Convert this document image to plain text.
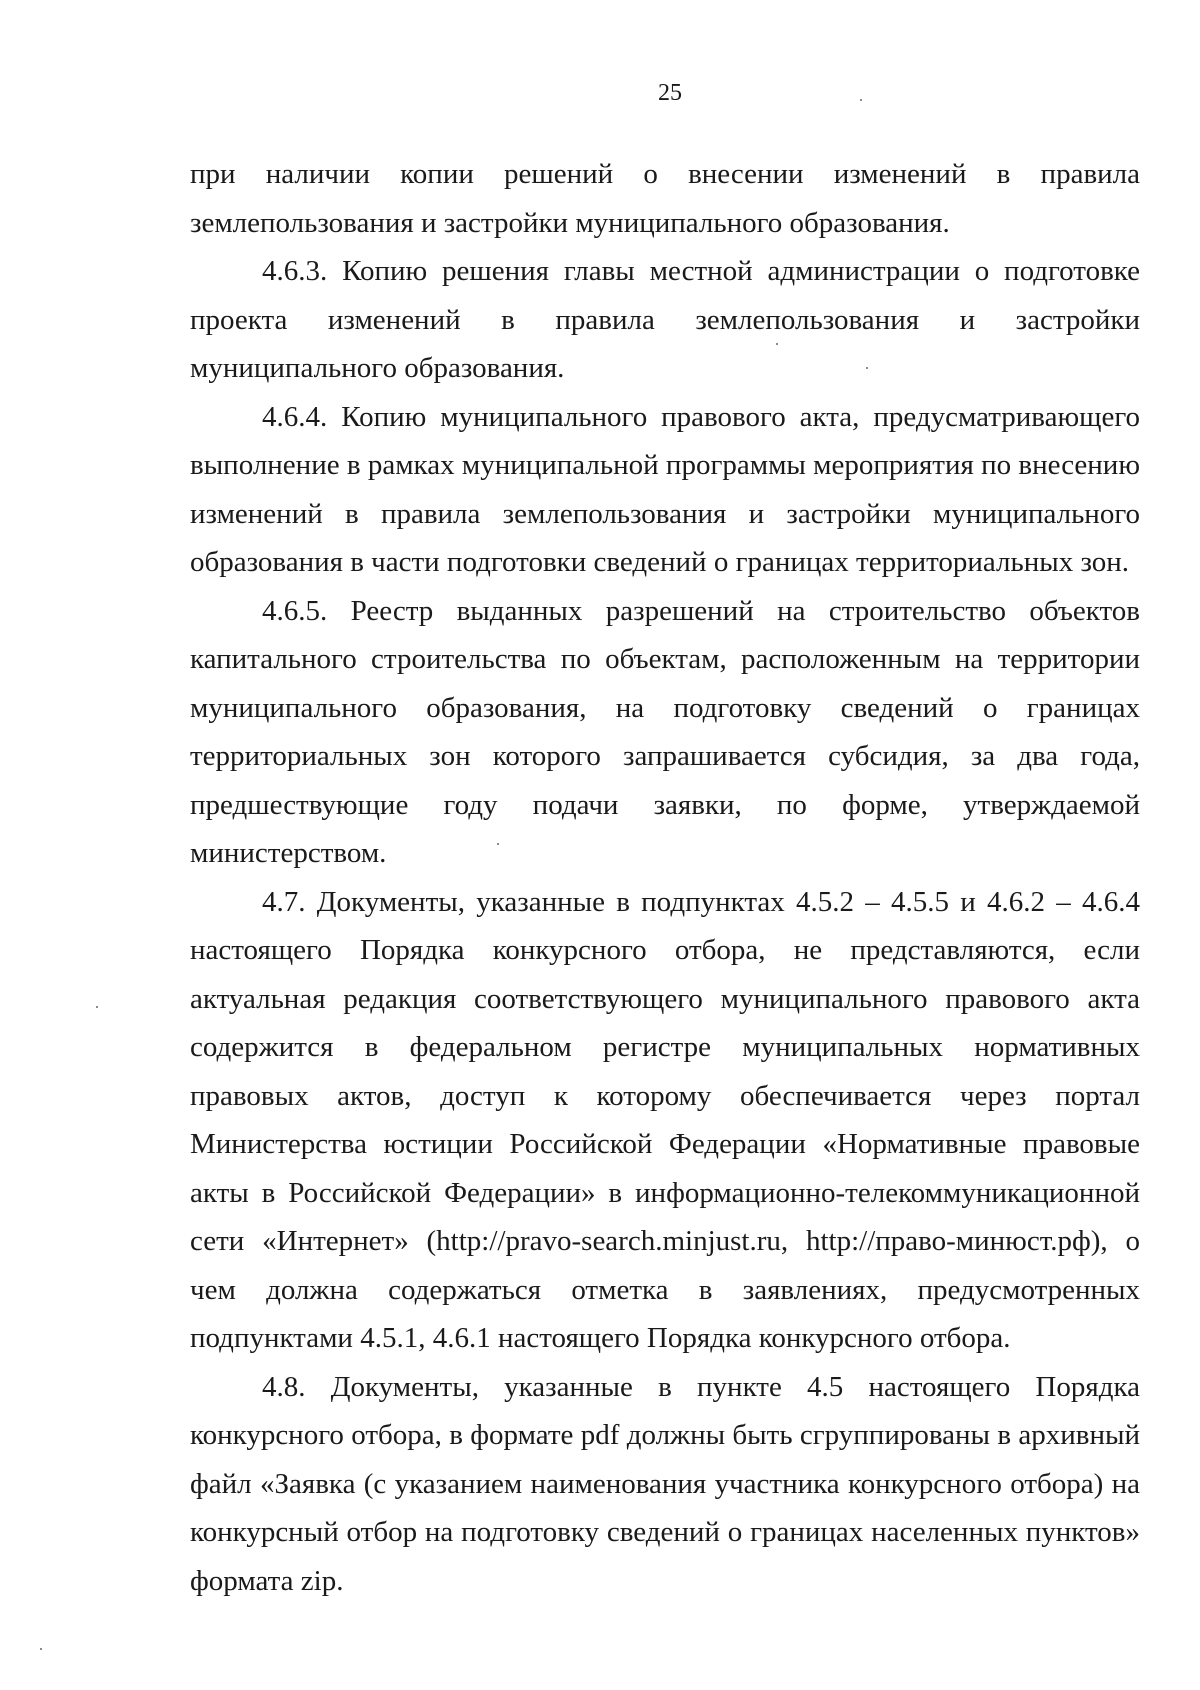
25

при наличии копии решений о внесении изменений в правила землепользования и застройки муниципального образования.

4.6.3. Копию решения главы местной администрации о подготовке проекта изменений в правила землепользования и застройки муниципального образования.

4.6.4. Копию муниципального правового акта, предусматривающего выполнение в рамках муниципальной программы мероприятия по внесению изменений в правила землепользования и застройки муниципального образования в части подготовки сведений о границах территориальных зон.

4.6.5. Реестр выданных разрешений на строительство объектов капитального строительства по объектам, расположенным на территории муниципального образования, на подготовку сведений о границах территориальных зон которого запрашивается субсидия, за два года, предшествующие году подачи заявки, по форме, утверждаемой министерством.

4.7. Документы, указанные в подпунктах 4.5.2 – 4.5.5 и 4.6.2 – 4.6.4 настоящего Порядка конкурсного отбора, не представляются, если актуальная редакция соответствующего муниципального правового акта содержится в федеральном регистре муниципальных нормативных правовых актов, доступ к которому обеспечивается через портал Министерства юстиции Российской Федерации «Нормативные правовые акты в Российской Федерации» в информационно-телекоммуникационной сети «Интернет» (http://pravo-search.minjust.ru, http://право-минюст.рф), о чем должна содержаться отметка в заявлениях, предусмотренных подпунктами 4.5.1, 4.6.1 настоящего Порядка конкурсного отбора.

4.8. Документы, указанные в пункте 4.5 настоящего Порядка конкурсного отбора, в формате pdf должны быть сгруппированы в архивный файл «Заявка (с указанием наименования участника конкурсного отбора) на конкурсный отбор на подготовку сведений о границах населенных пунктов» формата zip.
